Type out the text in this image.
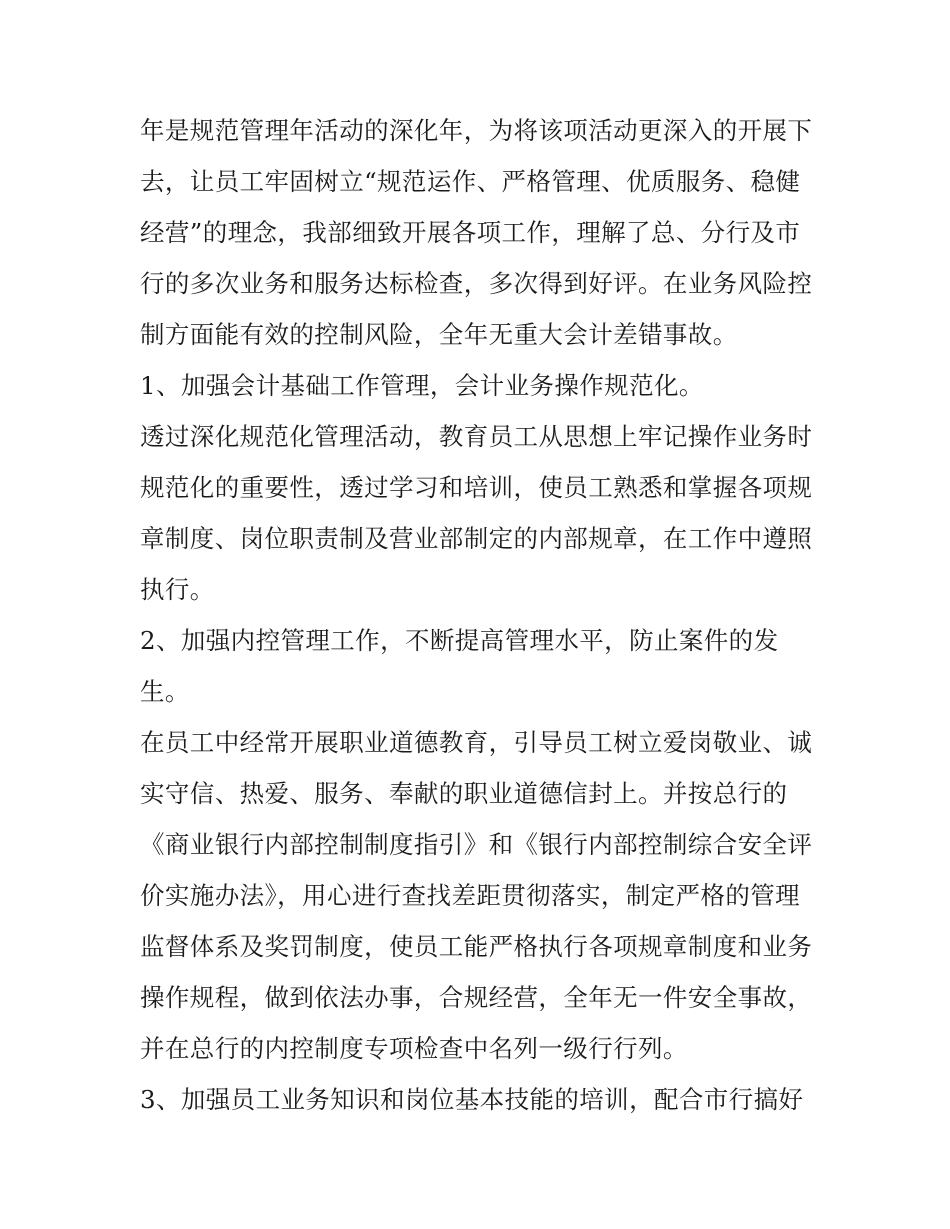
年是规范管理年活动的深化年，为将该项活动更深入的开展下
去，让员工牢固树立“规范运作、严格管理、优质服务、稳健
经营”的理念，我部细致开展各项工作，理解了总、分行及市
行的多次业务和服务达标检查，多次得到好评。在业务风险控
制方面能有效的控制风险，全年无重大会计差错事故。
1、加强会计基础工作管理，会计业务操作规范化。
透过深化规范化管理活动，教育员工从思想上牢记操作业务时
规范化的重要性，透过学习和培训，使员工熟悉和掌握各项规
章制度、岗位职责制及营业部制定的内部规章，在工作中遵照
执行。
2、加强内控管理工作，不断提高管理水平，防止案件的发
生。
在员工中经常开展职业道德教育，引导员工树立爱岗敬业、诚
实守信、热爱、服务、奉献的职业道德信封上。并按总行的
《商业银行内部控制制度指引》和《银行内部控制综合安全评
价实施办法》，用心进行查找差距贯彻落实，制定严格的管理
监督体系及奖罚制度，使员工能严格执行各项规章制度和业务
操作规程，做到依法办事，合规经营，全年无一件安全事故，
并在总行的内控制度专项检查中名列一级行行列。
3、加强员工业务知识和岗位基本技能的培训，配合市行搞好
